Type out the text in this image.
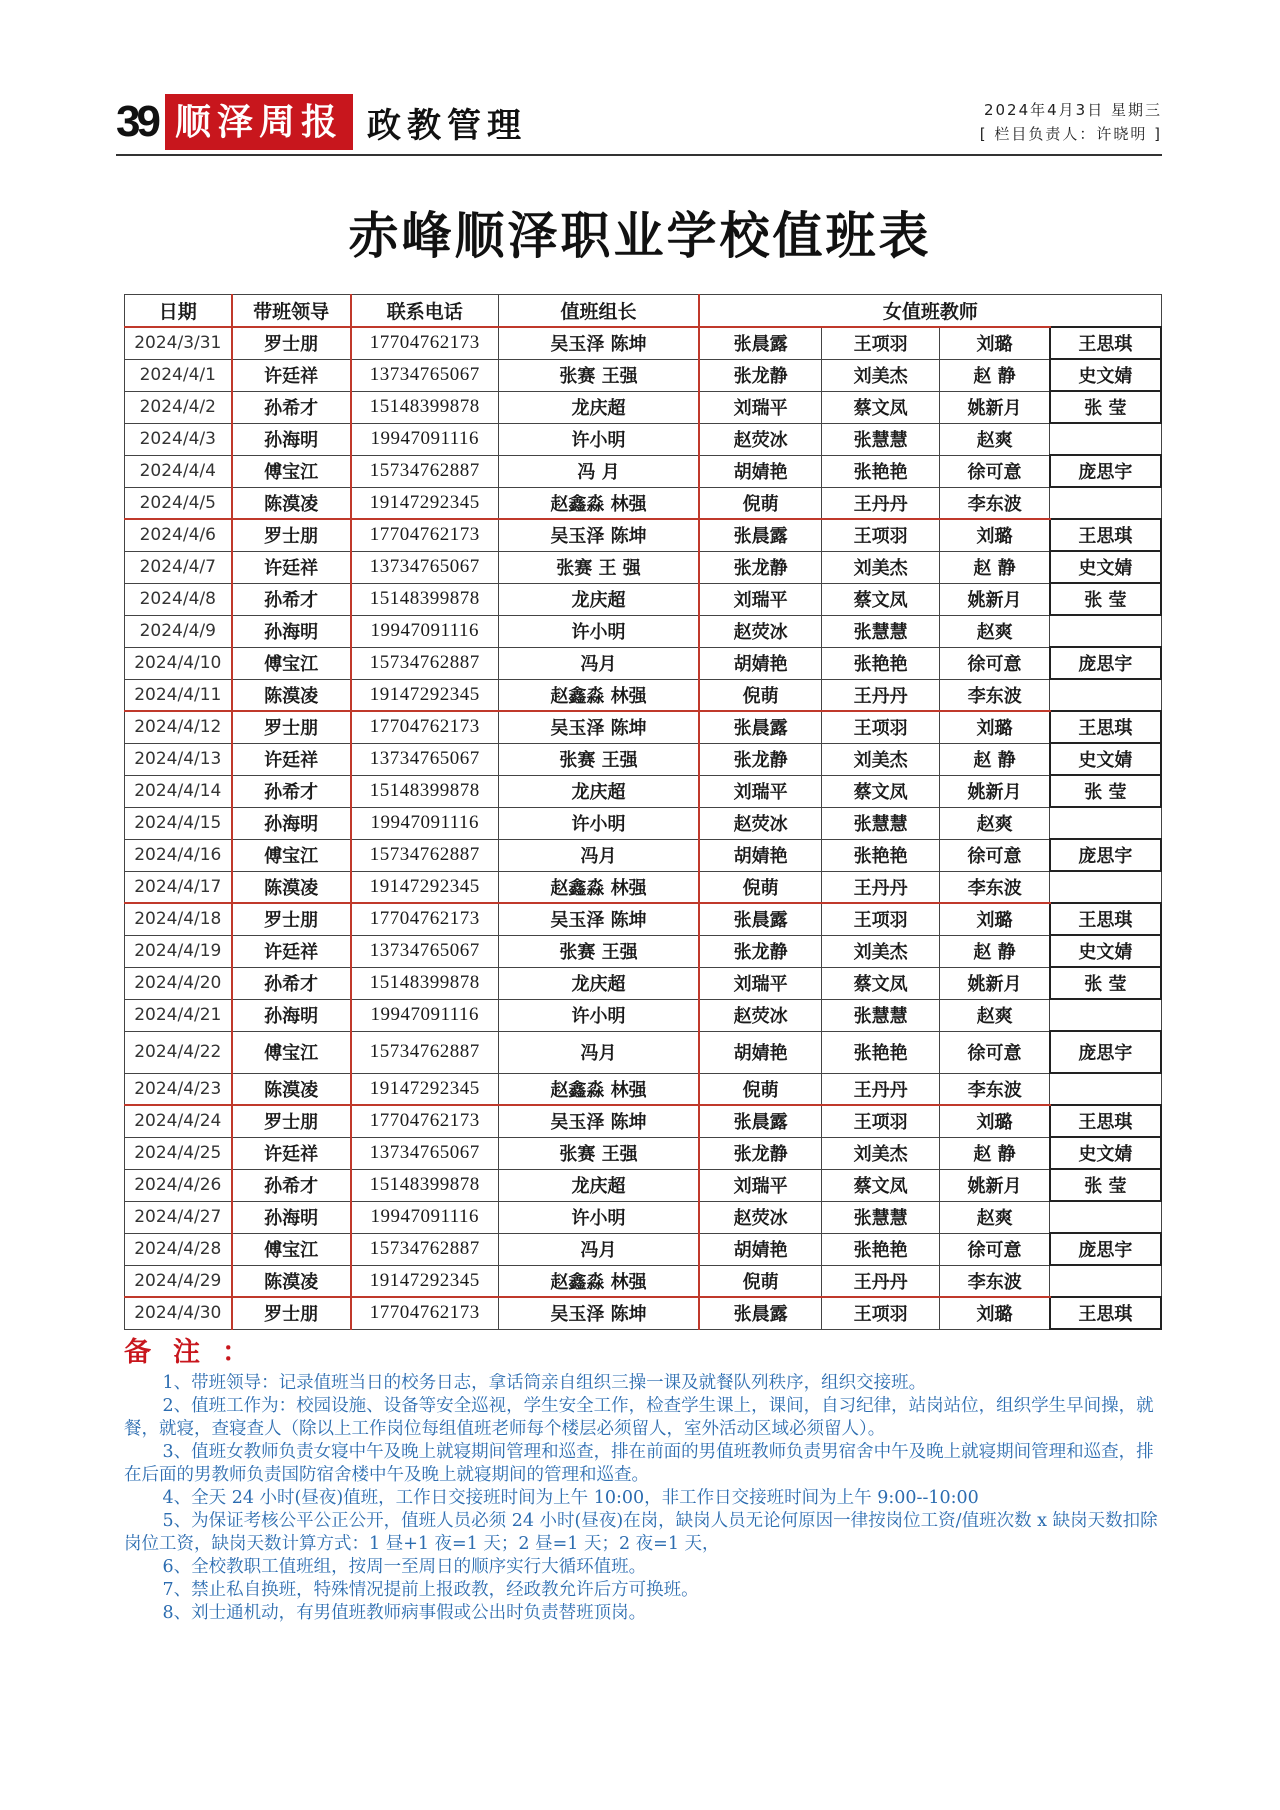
39 顺泽周报 政教管理	2024年4月3日 星期三
[ 栏目负责人：许晓明 ]
赤峰顺泽职业学校值班表
日期	带班领导	联系电话	值班组长	女值班教师			
2024/3/31	罗士朋	17704762173	吴玉泽 陈坤	张晨露	王项羽	刘璐	王思琪
2024/4/1	许廷祥	13734765067	张赛 王强	张龙静	刘美杰	赵 静	史文婧
2024/4/2	孙希才	15148399878	龙庆超	刘瑞平	蔡文凤	姚新月	张 莹
2024/4/3	孙海明	19947091116	许小明	赵荧冰	张慧慧	赵爽	
2024/4/4	傅宝江	15734762887	冯 月	胡婧艳	张艳艳	徐可意	庞思宇
2024/4/5	陈漠凌	19147292345	赵鑫淼 林强	倪萌	王丹丹	李东波	
2024/4/6	罗士朋	17704762173	吴玉泽 陈坤	张晨露	王项羽	刘璐	王思琪
2024/4/7	许廷祥	13734765067	张赛 王 强	张龙静	刘美杰	赵 静	史文婧
2024/4/8	孙希才	15148399878	龙庆超	刘瑞平	蔡文凤	姚新月	张 莹
2024/4/9	孙海明	19947091116	许小明	赵荧冰	张慧慧	赵爽	
2024/4/10	傅宝江	15734762887	冯月	胡婧艳	张艳艳	徐可意	庞思宇
2024/4/11	陈漠凌	19147292345	赵鑫淼 林强	倪萌	王丹丹	李东波	
2024/4/12	罗士朋	17704762173	吴玉泽 陈坤	张晨露	王项羽	刘璐	王思琪
2024/4/13	许廷祥	13734765067	张赛 王强	张龙静	刘美杰	赵 静	史文婧
2024/4/14	孙希才	15148399878	龙庆超	刘瑞平	蔡文凤	姚新月	张 莹
2024/4/15	孙海明	19947091116	许小明	赵荧冰	张慧慧	赵爽	
2024/4/16	傅宝江	15734762887	冯月	胡婧艳	张艳艳	徐可意	庞思宇
2024/4/17	陈漠凌	19147292345	赵鑫淼 林强	倪萌	王丹丹	李东波	
2024/4/18	罗士朋	17704762173	吴玉泽 陈坤	张晨露	王项羽	刘璐	王思琪
2024/4/19	许廷祥	13734765067	张赛 王强	张龙静	刘美杰	赵 静	史文婧
2024/4/20	孙希才	15148399878	龙庆超	刘瑞平	蔡文凤	姚新月	张 莹
2024/4/21	孙海明	19947091116	许小明	赵荧冰	张慧慧	赵爽	
2024/4/22	傅宝江	15734762887	冯月	胡婧艳	张艳艳	徐可意	庞思宇
2024/4/23	陈漠凌	19147292345	赵鑫淼 林强	倪萌	王丹丹	李东波	
2024/4/24	罗士朋	17704762173	吴玉泽 陈坤	张晨露	王项羽	刘璐	王思琪
2024/4/25	许廷祥	13734765067	张赛 王强	张龙静	刘美杰	赵 静	史文婧
2024/4/26	孙希才	15148399878	龙庆超	刘瑞平	蔡文凤	姚新月	张 莹
2024/4/27	孙海明	19947091116	许小明	赵荧冰	张慧慧	赵爽	
2024/4/28	傅宝江	15734762887	冯月	胡婧艳	张艳艳	徐可意	庞思宇
2024/4/29	陈漠凌	19147292345	赵鑫淼 林强	倪萌	王丹丹	李东波	
2024/4/30	罗士朋	17704762173	吴玉泽 陈坤	张晨露	王项羽	刘璐	王思琪
备注：
1、带班领导：记录值班当日的校务日志，拿话筒亲自组织三操一课及就餐队列秩序，组织交接班。
2、值班工作为：校园设施、设备等安全巡视，学生安全工作，检查学生课上，课间，自习纪律，站岗站位，组织学生早间操，就餐，就寝，查寝查人（除以上工作岗位每组值班老师每个楼层必须留人，室外活动区域必须留人）。
3、值班女教师负责女寝中午及晚上就寝期间管理和巡查，排在前面的男值班教师负责男宿舍中午及晚上就寝期间管理和巡查，排在后面的男教师负责国防宿舍楼中午及晚上就寝期间的管理和巡查。
4、全天 24 小时(昼夜)值班，工作日交接班时间为上午 10:00，非工作日交接班时间为上午 9:00--10:00
5、为保证考核公平公正公开，值班人员必须 24 小时(昼夜)在岗，缺岗人员无论何原因一律按岗位工资/值班次数 x 缺岗天数扣除岗位工资，缺岗天数计算方式：1 昼+1 夜=1 天；2 昼=1 天；2 夜=1 天，
6、全校教职工值班组，按周一至周日的顺序实行大循环值班。
7、禁止私自换班，特殊情况提前上报政教，经政教允许后方可换班。
8、刘士通机动，有男值班教师病事假或公出时负责替班顶岗。
